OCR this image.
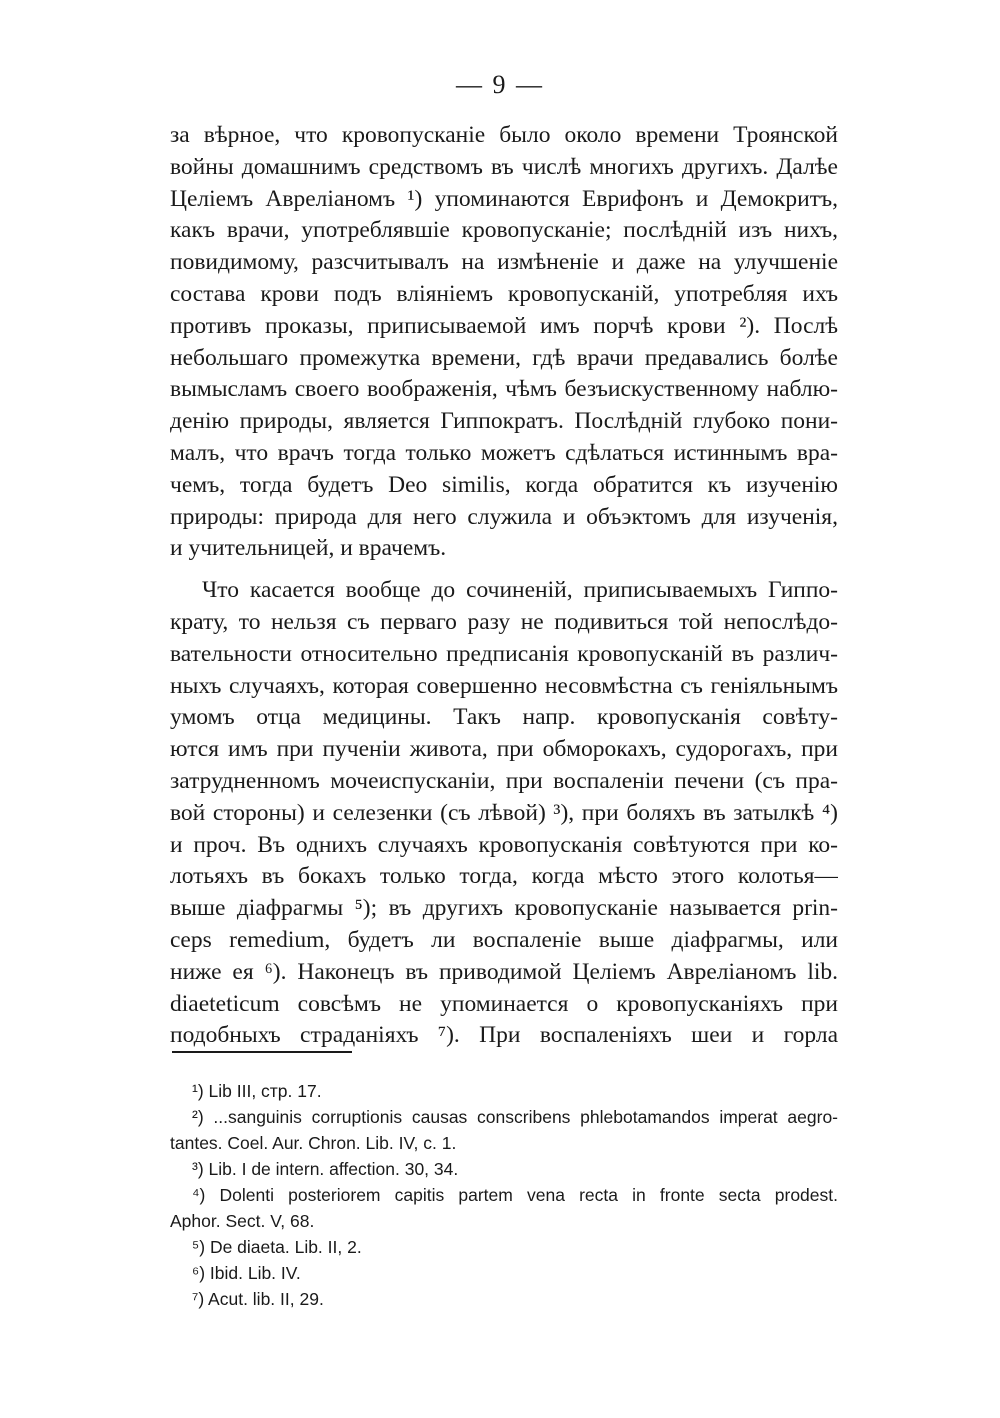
— 9 —
за вѣрное, что кровопусканіе было около времени Троянской
войны домашнимъ средствомъ въ числѣ многихъ другихъ. Далѣе
Целіемъ Авреліаномъ ¹) упоминаются Еврифонъ и Демокритъ,
какъ врачи, употреблявшіе кровопусканіе; послѣдній изъ нихъ,
повидимому, разсчитывалъ на измѣненіе и даже на улучшеніе
состава крови подъ вліяніемъ кровопусканій, употребляя ихъ
противъ проказы, приписываемой имъ порчѣ крови ²). Послѣ
небольшаго промежутка времени, гдѣ врачи предавались болѣе
вымысламъ своего воображенія, чѣмъ безъискуственному наблю-
денію природы, является Гиппократъ. Послѣдній глубоко пони-
малъ, что врачъ тогда только можетъ сдѣлаться истиннымъ вра-
чемъ, тогда будетъ Deo similis, когда обратится къ изученію
природы: природа для него служила и объэктомъ для изученія,
и учительницей, и врачемъ.
Что касается вообще до сочиненій, приписываемыхъ Гиппо-
крату, то нельзя съ перваго разу не подивиться той непослѣдо-
вательности относительно предписанія кровопусканій въ различ-
ныхъ случаяхъ, которая совершенно несовмѣстна съ геніяльнымъ
умомъ отца медицины. Такъ напр. кровопусканія совѣту-
ются имъ при пученіи живота, при обморокахъ, судорогахъ, при
затрудненномъ мочеиспусканіи, при воспаленіи печени (съ пра-
вой стороны) и селезенки (съ лѣвой) ³), при боляхъ въ затылкѣ ⁴)
и проч. Въ однихъ случаяхъ кровопусканія совѣтуются при ко-
лотьяхъ въ бокахъ только тогда, когда мѣсто этого колотья—
выше діафрагмы ⁵); въ другихъ кровопусканіе называется prin-
ceps remedium, будетъ ли воспаленіе выше діафрагмы, или
ниже ея ⁶). Наконецъ въ приводимой Целіемъ Авреліаномъ lib.
diaeteticum совсѣмъ не упоминается о кровопусканіяхъ при
подобныхъ страданіяхъ ⁷). При воспаленіяхъ шеи и горла
¹) Lib III, стр. 17.
²) ...sanguinis corruptionis causas conscribens phlebotamandos imperat aegro-
tantes. Coel. Aur. Chron. Lib. IV, c. 1.
³) Lib. I de intern. affection. 30, 34.
⁴) Dolenti posteriorem capitis partem vena recta in fronte secta prodest.
Aphor. Sect. V, 68.
⁵) De diaeta. Lib. II, 2.
⁶) Ibid. Lib. IV.
⁷) Acut. lib. II, 29.
